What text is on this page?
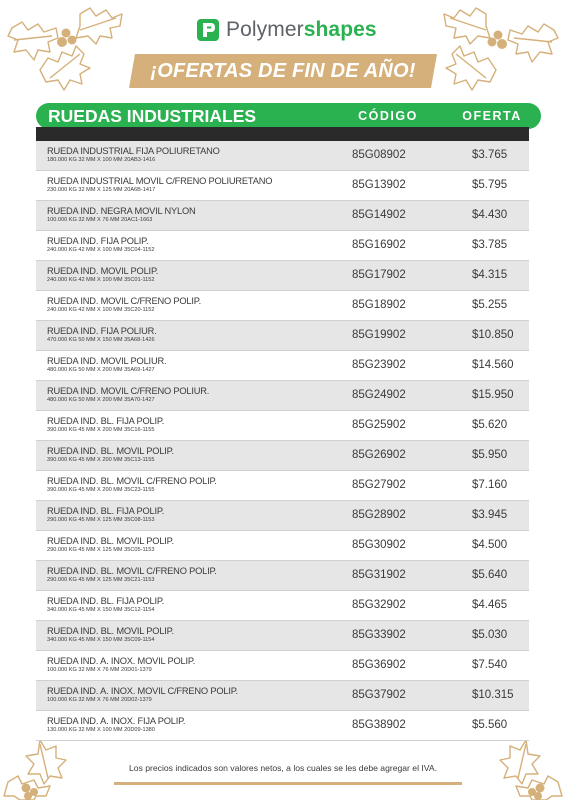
Polymershapes
¡OFERTAS DE FIN DE AÑO!
RUEDAS INDUSTRIALES	CÓDIGO	OFERTA
RUEDA INDUSTRIAL FIJA POLIURETANO
180.000 KG 32 MM X 100 MM 20AB3-1416	85G08902	$3.765
RUEDA INDUSTRIAL MOVIL C/FRENO POLIURETANO
230.000 KG 32 MM X 125 MM 20A6B-1417	85G13902	$5.795
RUEDA IND. NEGRA MOVIL NYLON
100.000 KG 32 MM X 76 MM 20AC1-1663	85G14902	$4.430
RUEDA IND. FIJA POLIP.
240.000 KG 42 MM X 100 MM 35C04-1152	85G16902	$3.785
RUEDA IND. MOVIL POLIP.
240.000 KG 42 MM X 100 MM 35C01-1152	85G17902	$4.315
RUEDA IND. MOVIL C/FRENO POLIP.
240.000 KG 42 MM X 100 MM 35C20-1152	85G18902	$5.255
RUEDA IND. FIJA POLIUR.
470.000 KG 50 MM X 150 MM 35A68-1426	85G19902	$10.850
RUEDA IND. MOVIL POLIUR.
480.000 KG 50 MM X 200 MM 35A69-1427	85G23902	$14.560
RUEDA IND. MOVIL C/FRENO POLIUR.
480.000 KG 50 MM X 200 MM 35A70-1427	85G24902	$15.950
RUEDA IND. BL. FIJA POLIP.
390.000 KG 45 MM X 200 MM 35C16-1155	85G25902	$5.620
RUEDA IND. BL. MOVIL POLIP.
390.000 KG 45 MM X 200 MM 35C13-1155	85G26902	$5.950
RUEDA IND. BL. MOVIL C/FRENO POLIP.
390.000 KG 45 MM X 200 MM 35C23-1155	85G27902	$7.160
RUEDA IND. BL. FIJA POLIP.
290.000 KG 45 MM X 125 MM 35C08-1153	85G28902	$3.945
RUEDA IND. BL. MOVIL POLIP.
290.000 KG 45 MM X 125 MM 35C05-1153	85G30902	$4.500
RUEDA IND. BL. MOVIL C/FRENO POLIP.
290.000 KG 45 MM X 125 MM 35C21-1153	85G31902	$5.640
RUEDA IND. BL. FIJA POLIP.
340.000 KG 45 MM X 150 MM 35C12-1154	85G32902	$4.465
RUEDA IND. BL. MOVIL POLIP.
340.000 KG 45 MM X 150 MM 35C09-1154	85G33902	$5.030
RUEDA IND. A. INOX. MOVIL POLIP.
100.000 KG 32 MM X 76 MM 20D01-1379	85G36902	$7.540
RUEDA IND. A. INOX. MOVIL C/FRENO POLIP.
100.000 KG 32 MM X 76 MM 20D02-1379	85G37902	$10.315
RUEDA IND. A. INOX. FIJA POLIP.
130.000 KG 32 MM X 100 MM 20D09-1380	85G38902	$5.560
Los precios indicados son valores netos, a los cuales se les debe agregar el IVA.
